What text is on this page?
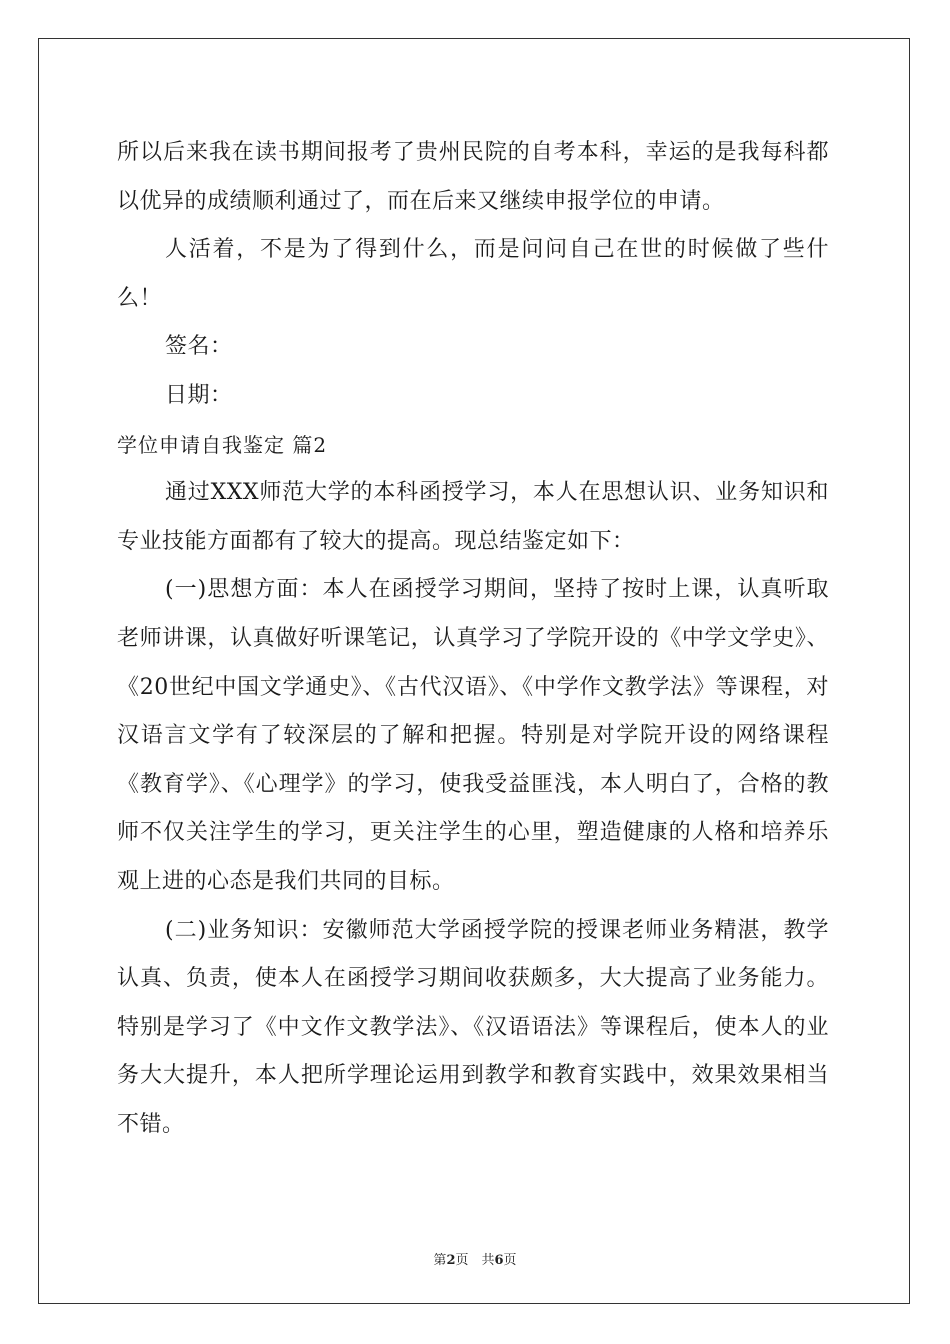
所以后来我在读书期间报考了贵州民院的自考本科，幸运的是我每科都以优异的成绩顺利通过了，而在后来又继续申报学位的申请。

人活着，不是为了得到什么，而是问问自己在世的时候做了些什么！

签名：

日期：

学位申请自我鉴定 篇2

通过XXX师范大学的本科函授学习，本人在思想认识、业务知识和专业技能方面都有了较大的提高。现总结鉴定如下：

(一)思想方面：本人在函授学习期间，坚持了按时上课，认真听取老师讲课，认真做好听课笔记，认真学习了学院开设的《中学文学史》、《20世纪中国文学通史》、《古代汉语》、《中学作文教学法》等课程，对汉语言文学有了较深层的了解和把握。特别是对学院开设的网络课程《教育学》、《心理学》的学习，使我受益匪浅，本人明白了，合格的教师不仅关注学生的学习，更关注学生的心里，塑造健康的人格和培养乐观上进的心态是我们共同的目标。

(二)业务知识：安徽师范大学函授学院的授课老师业务精湛，教学认真、负责，使本人在函授学习期间收获颇多，大大提高了业务能力。特别是学习了《中文作文教学法》、《汉语语法》等课程后，使本人的业务大大提升，本人把所学理论运用到教学和教育实践中，效果效果相当不错。

第2页　共6页
